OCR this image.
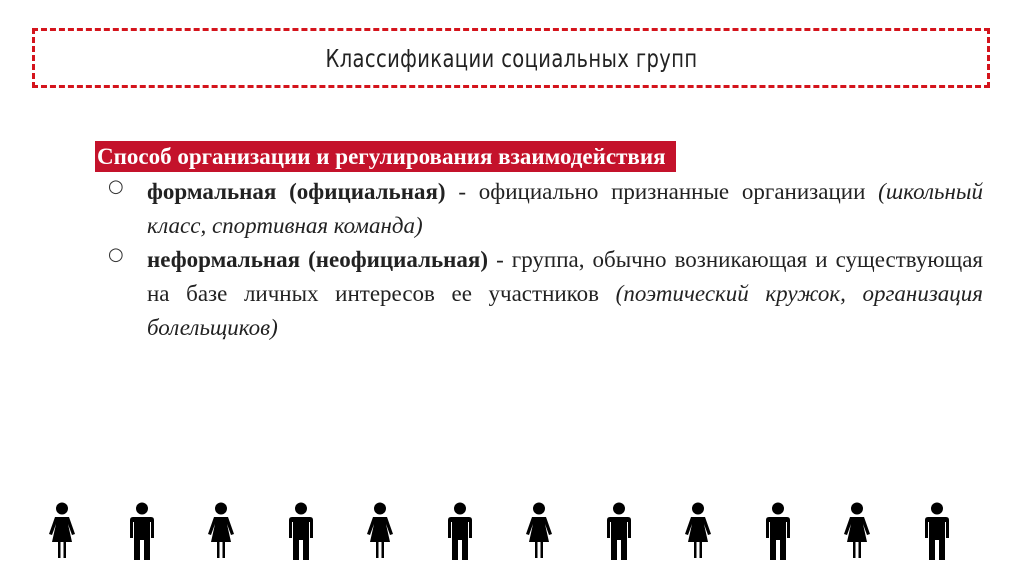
Классификации социальных групп
Способ организации и регулирования взаимодействия
○ формальная (официальная) - официально признанные организации (школьный класс, спортивная команда)
○ неформальная (неофициальная) - группа, обычно возникающая и существующая на базе личных интересов ее участников (поэтический кружок, организация болельщиков)
